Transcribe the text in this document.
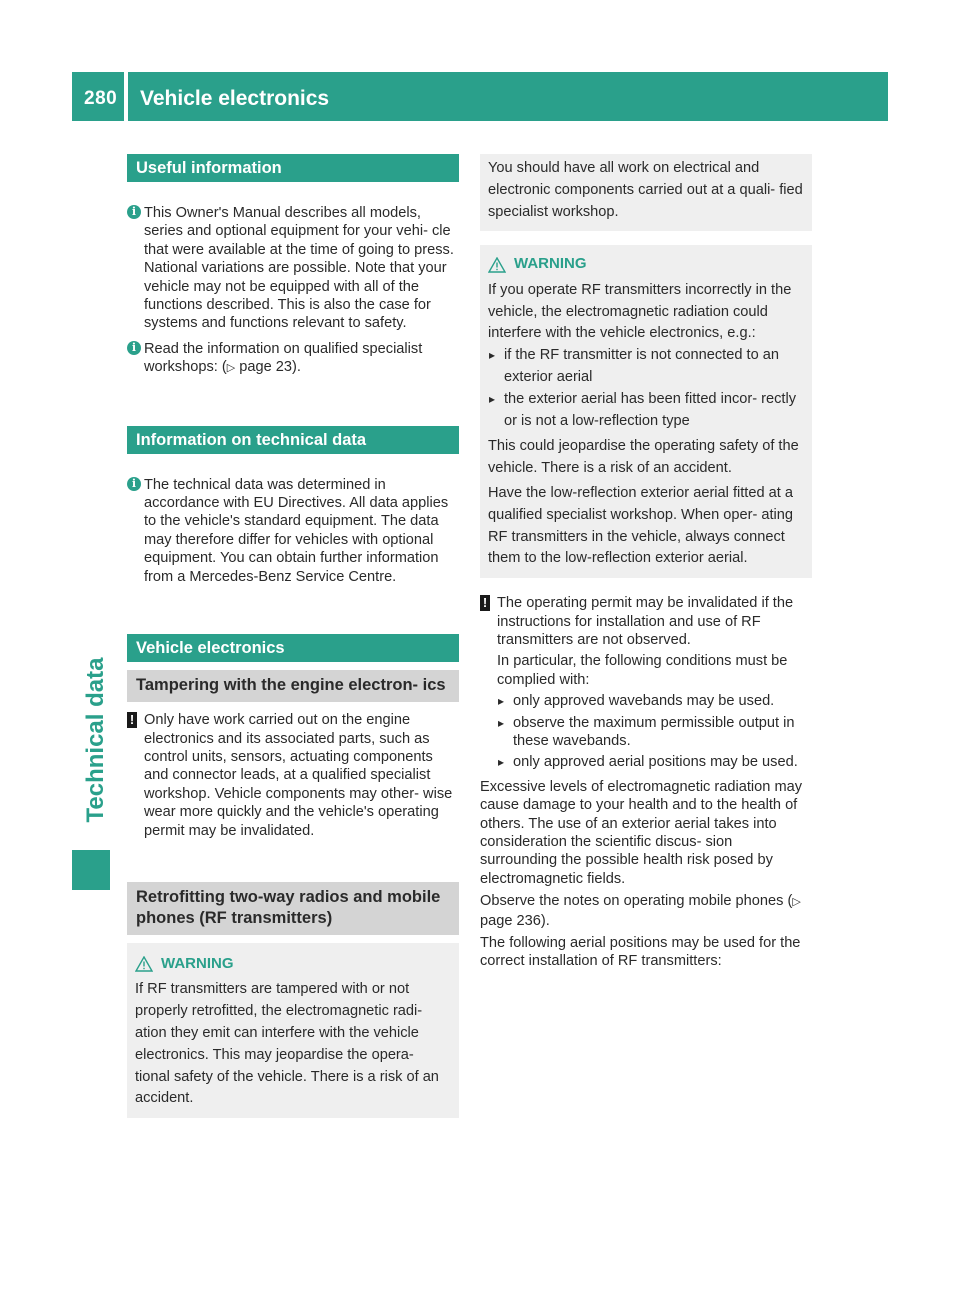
280 Vehicle electronics
Technical data
Useful information
i This Owner's Manual describes all models, series and optional equipment for your vehi- cle that were available at the time of going to press. National variations are possible. Note that your vehicle may not be equipped with all of the functions described. This is also the case for systems and functions relevant to safety.
i Read the information on qualified specialist workshops: (▷ page 23).
Information on technical data
i The technical data was determined in accordance with EU Directives. All data applies to the vehicle's standard equipment. The data may therefore differ for vehicles with optional equipment. You can obtain further information from a Mercedes-Benz Service Centre.
Vehicle electronics
Tampering with the engine electron- ics
! Only have work carried out on the engine electronics and its associated parts, such as control units, sensors, actuating components and connector leads, at a qualified specialist workshop. Vehicle components may other- wise wear more quickly and the vehicle's operating permit may be invalidated.
Retrofitting two-way radios and mobile phones (RF transmitters)
WARNING

If RF transmitters are tampered with or not properly retrofitted, the electromagnetic radi- ation they emit can interfere with the vehicle electronics. This may jeopardise the opera- tional safety of the vehicle. There is a risk of an accident.

You should have all work on electrical and electronic components carried out at a quali- fied specialist workshop.

WARNING

If you operate RF transmitters incorrectly in the vehicle, the electromagnetic radiation could interfere with the vehicle electronics, e.g.:

▸ if the RF transmitter is not connected to an exterior aerial
▸ the exterior aerial has been fitted incor- rectly or is not a low-reflection type

This could jeopardise the operating safety of the vehicle. There is a risk of an accident.

Have the low-reflection exterior aerial fitted at a qualified specialist workshop. When oper- ating RF transmitters in the vehicle, always connect them to the low-reflection exterior aerial.

! The operating permit may be invalidated if the instructions for installation and use of RF transmitters are not observed.

In particular, the following conditions must be complied with:

▸ only approved wavebands may be used.
▸ observe the maximum permissible output in these wavebands.
▸ only approved aerial positions may be used.

Excessive levels of electromagnetic radiation may cause damage to your health and to the health of others. The use of an exterior aerial takes into consideration the scientific discus- sion surrounding the possible health risk posed by electromagnetic fields.

Observe the notes on operating mobile phones (▷ page 236).

The following aerial positions may be used for the correct installation of RF transmitters:
